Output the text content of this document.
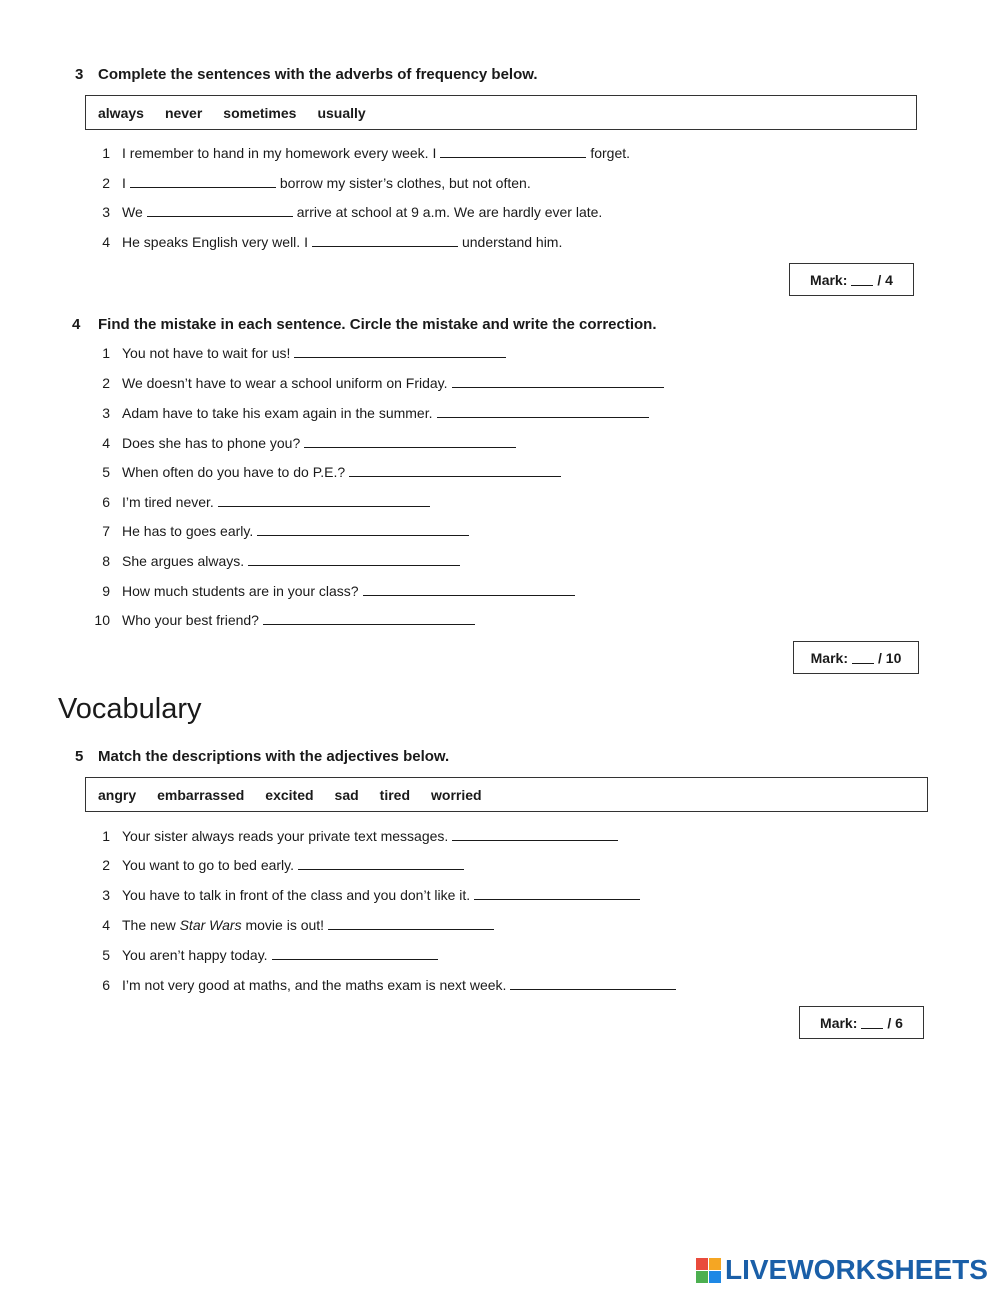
3 Complete the sentences with the adverbs of frequency below.
always never sometimes usually
1 I remember to hand in my homework every week. I	forget.
2 I	borrow my sister’s clothes, but not often.
3 We	arrive at school at 9 a.m. We are hardly ever late.
4 He speaks English very well. I	understand him.
Mark: / 4
4 Find the mistake in each sentence. Circle the mistake and write the correction.
1 You not have to wait for us!
2 We doesn’t have to wear a school uniform on Friday.
3 Adam have to take his exam again in the summer.
4 Does she has to phone you?
5 When often do you have to do P.E.?
6 I’m tired never.
7 He has to goes early.
8 She argues always.
9 How much students are in your class?
10 Who your best friend?
Mark: / 10
Vocabulary
5 Match the descriptions with the adjectives below.
angry embarrassed excited sad tired worried
1 Your sister always reads your private text messages.
2 You want to go to bed early.
3 You have to talk in front of the class and you don’t like it.
4 The new Star Wars movie is out!
5 You aren’t happy today.
6 I’m not very good at maths, and the maths exam is next week.
Mark: / 6
LIVEWORKSHEETS
